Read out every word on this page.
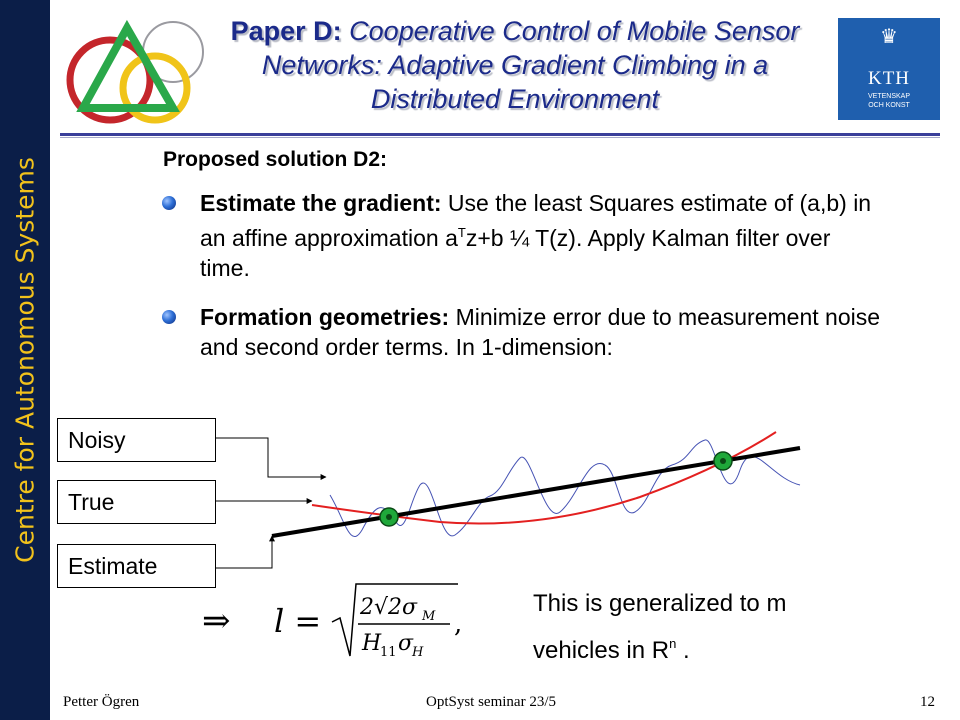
Centre for Autonomous Systems
Paper D: Cooperative Control of Mobile Sensor Networks: Adaptive Gradient Climbing in a Distributed Environment
♛
KTH
VETENSKAP
OCH KONST
Proposed solution D2:
Estimate the gradient: Use the least Squares estimate of (a,b) in an affine approximation $a^Tz+b$ ¼ T(z). Apply Kalman filter over time.
Formation geometries: Minimize error due to measurement noise and second order terms. In 1-dimension:
Noisy
True
Estimate
⇒ l = 2√2σ M
H
11 σ
H
,
This is generalized to m
vehicles in $R^n$ .
Petter Ögren	OptSyst seminar 23/5	12
